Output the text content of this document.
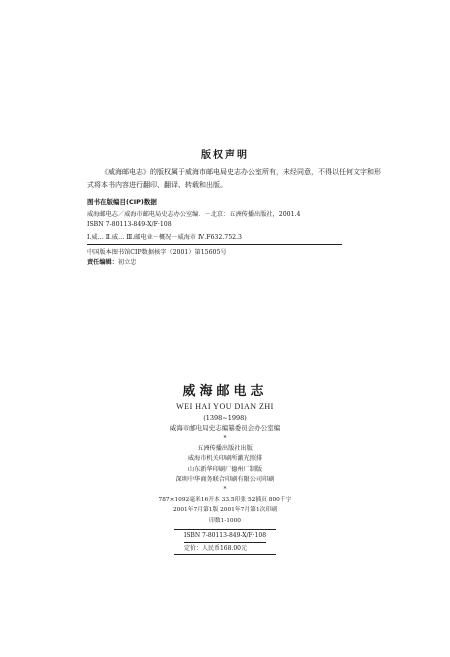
版权声明
《威海邮电志》的版权属于威海市邮电局史志办公室所有，未经同意，不得以任何文字和形式将本书内容进行翻印、翻译、转载和出版。
图书在版编目(CIP)数据
威海邮电志／威海市邮电局史志办公室编．－北京：五洲传播出版社，2001.4
ISBN 7-80113-849-X/F·108
Ⅰ.威… Ⅱ.威… Ⅲ.邮电业－概况－威海市 Ⅳ.F632.752.3
中国版本图书馆CIP数据核字（2001）第15605号
责任编辑：初立忠
威海邮电志
WEI HAI YOU DIAN ZHI
(1398~1998)
威海市邮电局史志编纂委员会办公室编
*
五洲传播出版社出版
威海市机关印刷所激光照排
山东新华印刷厂德州厂制版
深圳中华商务联合印刷有限公司印刷
*
787×1092毫米16开本 33.5印张 52插页 800千字
2001年7月第1版 2001年7月第1次印刷
印数1-1000
ISBN 7-80113-849-X/F·108
定价：人民币168.00元
